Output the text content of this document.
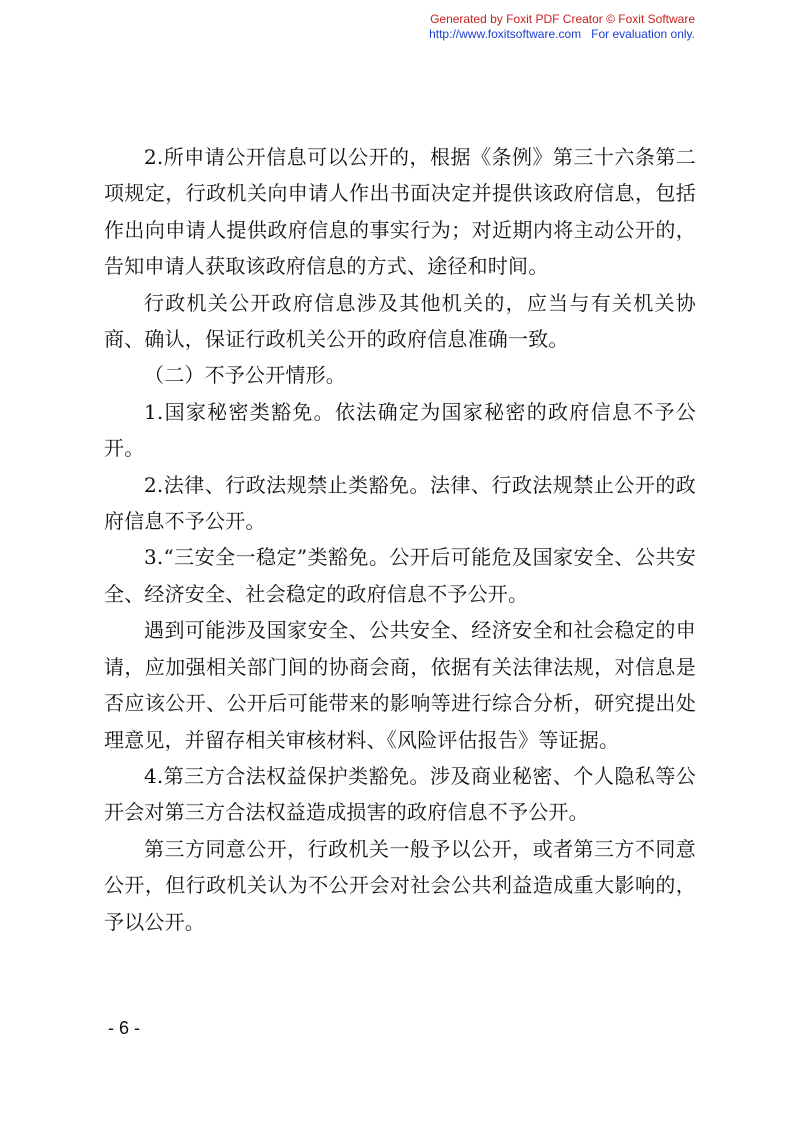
Generated by Foxit PDF Creator © Foxit Software
http://www.foxitsoftware.com For evaluation only.

2.所申请公开信息可以公开的，根据《条例》第三十六条第二项规定，行政机关向申请人作出书面决定并提供该政府信息，包括作出向申请人提供政府信息的事实行为；对近期内将主动公开的，告知申请人获取该政府信息的方式、途径和时间。

行政机关公开政府信息涉及其他机关的，应当与有关机关协商、确认，保证行政机关公开的政府信息准确一致。

（二）不予公开情形。

1.国家秘密类豁免。依法确定为国家秘密的政府信息不予公开。

2.法律、行政法规禁止类豁免。法律、行政法规禁止公开的政府信息不予公开。

3.“三安全一稳定”类豁免。公开后可能危及国家安全、公共安全、经济安全、社会稳定的政府信息不予公开。

遇到可能涉及国家安全、公共安全、经济安全和社会稳定的申请，应加强相关部门间的协商会商，依据有关法律法规，对信息是否应该公开、公开后可能带来的影响等进行综合分析，研究提出处理意见，并留存相关审核材料、《风险评估报告》等证据。

4.第三方合法权益保护类豁免。涉及商业秘密、个人隐私等公开会对第三方合法权益造成损害的政府信息不予公开。

第三方同意公开，行政机关一般予以公开，或者第三方不同意公开，但行政机关认为不公开会对社会公共利益造成重大影响的，予以公开。

- 6 -
